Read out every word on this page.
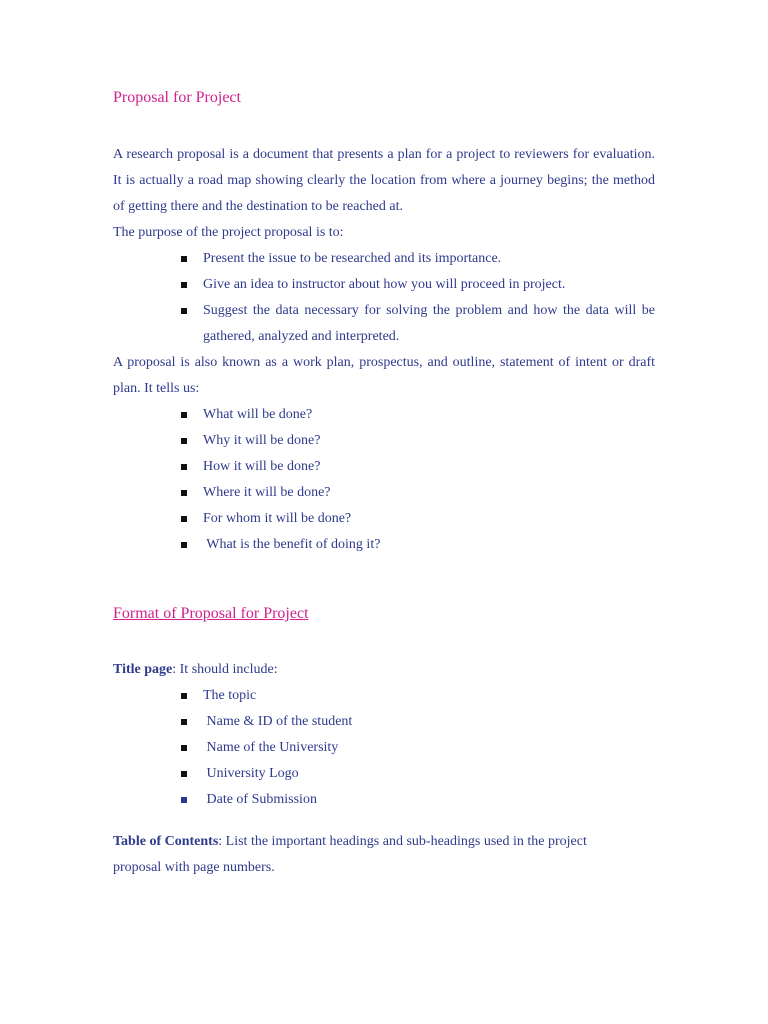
Proposal for Project

A research proposal is a document that presents a plan for a project to reviewers for evaluation. It is actually a road map showing clearly the location from where a journey begins; the method of getting there and the destination to be reached at.

The purpose of the project proposal is to:

Present the issue to be researched and its importance.
Give an idea to instructor about how you will proceed in project.
Suggest the data necessary for solving the problem and how the data will be gathered, analyzed and interpreted.

A proposal is also known as a work plan, prospectus, and outline, statement of intent or draft plan. It tells us:

What will be done?
Why it will be done?
How it will be done?
Where it will be done?
For whom it will be done?
What is the benefit of doing it?
Format of Proposal for Project

Title page: It should include:

The topic
Name & ID of the student
Name of the University
University Logo
Date of Submission

Table of Contents: List the important headings and sub-headings used in the project proposal with page numbers.
